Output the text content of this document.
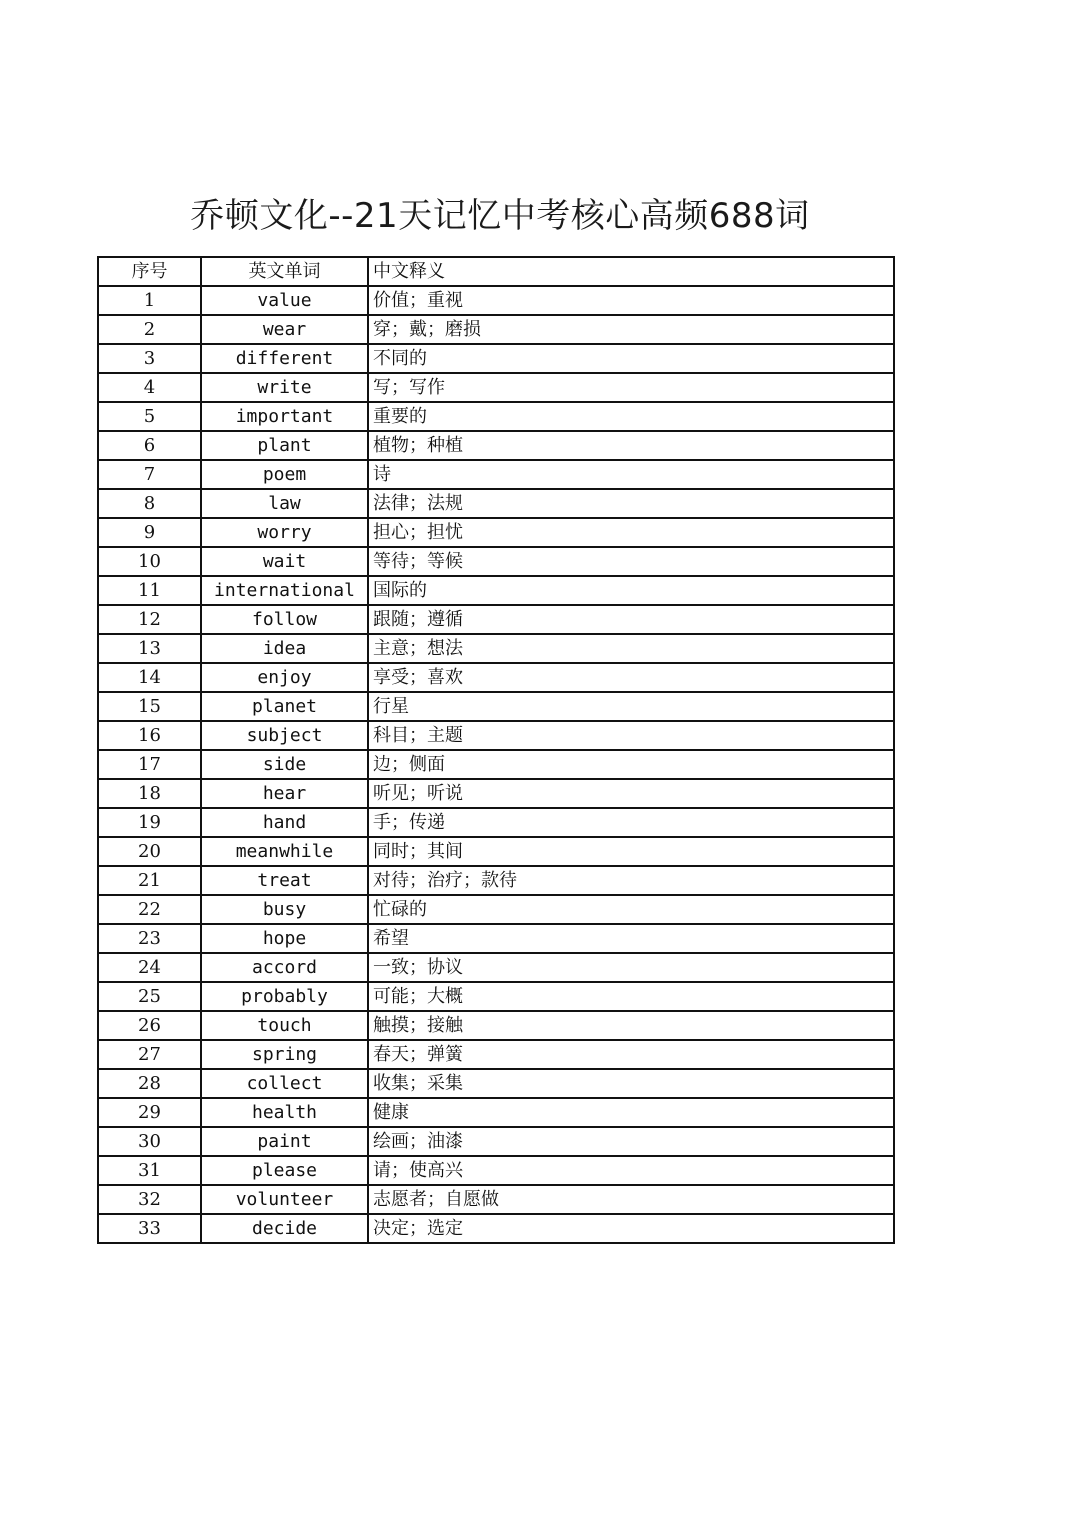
乔顿文化--21天记忆中考核心高频688词
序号	英文单词	中文释义
1	value	价值；重视
2	wear	穿；戴；磨损
3	different	不同的
4	write	写；写作
5	important	重要的
6	plant	植物；种植
7	poem	诗
8	law	法律；法规
9	worry	担心；担忧
10	wait	等待；等候
11	international	国际的
12	follow	跟随；遵循
13	idea	主意；想法
14	enjoy	享受；喜欢
15	planet	行星
16	subject	科目；主题
17	side	边；侧面
18	hear	听见；听说
19	hand	手；传递
20	meanwhile	同时；其间
21	treat	对待；治疗；款待
22	busy	忙碌的
23	hope	希望
24	accord	一致；协议
25	probably	可能；大概
26	touch	触摸；接触
27	spring	春天；弹簧
28	collect	收集；采集
29	health	健康
30	paint	绘画；油漆
31	please	请；使高兴
32	volunteer	志愿者；自愿做
33	decide	决定；选定
